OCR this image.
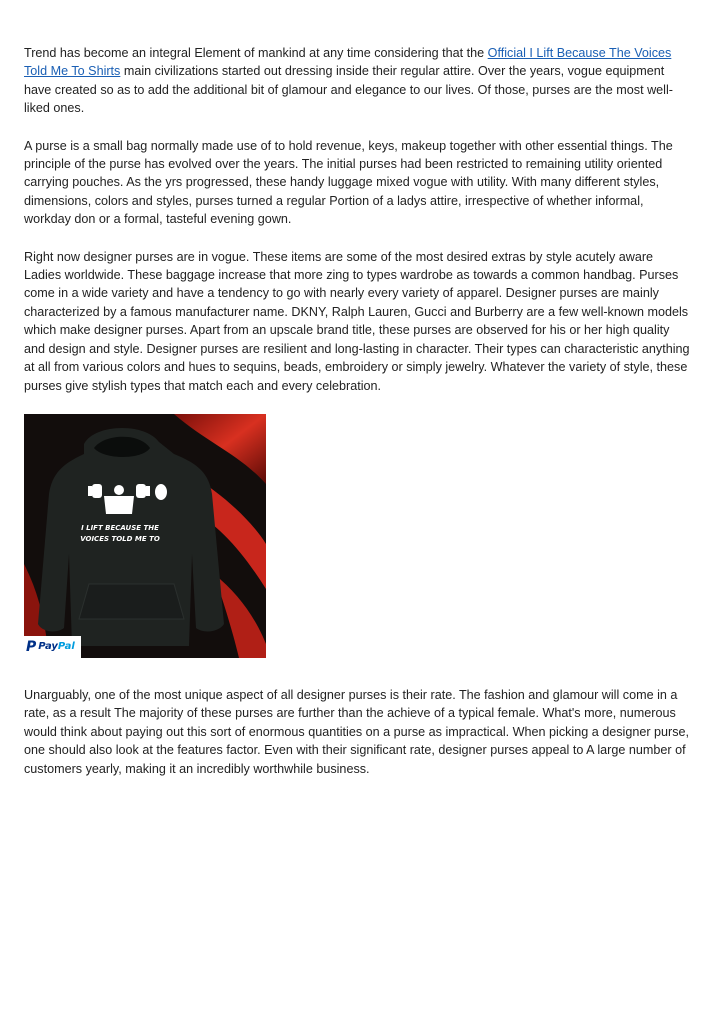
Trend has become an integral Element of mankind at any time considering that the Official I Lift Because The Voices Told Me To Shirts main civilizations started out dressing inside their regular attire. Over the years, vogue equipment have created so as to add the additional bit of glamour and elegance to our lives. Of those, purses are the most well-liked ones.

A purse is a small bag normally made use of to hold revenue, keys, makeup together with other essential things. The principle of the purse has evolved over the years. The initial purses had been restricted to remaining utility oriented carrying pouches. As the yrs progressed, these handy luggage mixed vogue with utility. With many different styles, dimensions, colors and styles, purses turned a regular Portion of a ladys attire, irrespective of whether informal, workday don or a formal, tasteful evening gown.

Right now designer purses are in vogue. These items are some of the most desired extras by style acutely aware Ladies worldwide. These baggage increase that more zing to types wardrobe as towards a common handbag. Purses come in a wide variety and have a tendency to go with nearly every variety of apparel. Designer purses are mainly characterized by a famous manufacturer name. DKNY, Ralph Lauren, Gucci and Burberry are a few well-known models which make designer purses. Apart from an upscale brand title, these purses are observed for his or her high quality and design and style. Designer purses are resilient and long-lasting in character. Their types can characteristic anything at all from various colors and hues to sequins, beads, embroidery or simply jewelry. Whatever the variety of style, these purses give stylish types that match each and every celebration.

I LIFT BECAUSE THE
VOICES TOLD ME TO
P PayPal

Unarguably, one of the most unique aspect of all designer purses is their rate. The fashion and glamour will come in a rate, as a result The majority of these purses are further than the achieve of a typical female. What's more, numerous would think about paying out this sort of enormous quantities on a purse as impractical. When picking a designer purse, one should also look at the features factor. Even with their significant rate, designer purses appeal to A large number of customers yearly, making it an incredibly worthwhile business.
